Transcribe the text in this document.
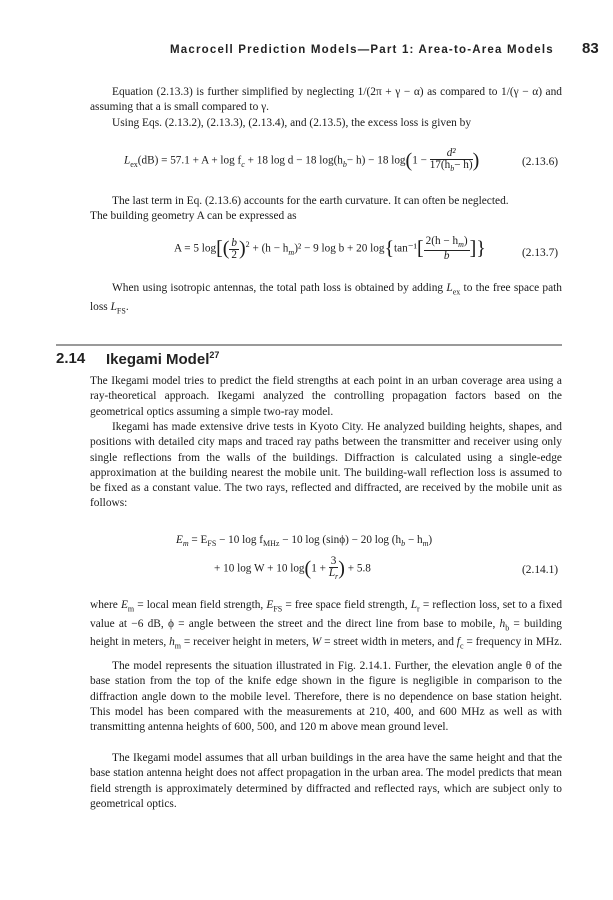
Macrocell Prediction Models—Part 1: Area-to-Area Models 83

Equation (2.13.3) is further simplified by neglecting 1/(2π + γ − α) as compared to 1/(γ − α) and assuming that a is small compared to γ.

Using Eqs. (2.13.2), (2.13.3), (2.13.4), and (2.13.5), the excess loss is given by

$L_{ex}(dB) = 57.1 + A + \log f_c + 18$ log d − 18 $\log(h_b- h) - 18$ $\log(1 - \frac{\text{d²}}{17(h_b- h)}$ )	(2.13.6)

The last term in Eq. (2.13.6) accounts for the earth curvature. It can often be neglected.

The building geometry A can be expressed as

A = 5 $\log[( \frac{b}{2} )^2 + (h - h_m)^2 - 9$ log b + 20 $\log\{\tan^{-1}[ \frac{2(h - h_m)}{b}$ ]}	(2.13.7)

When using isotropic antennas, the total path loss is obtained by adding $L_{ex}$ to the free space path loss $L_{FS}$.

2.14 Ikegami Model$^{27}$

The Ikegami model tries to predict the field strengths at each point in an urban coverage area using a ray-theoretical approach. Ikegami analyzed the controlling propagation factors based on the geometrical optics assuming a simple two-ray model.

Ikegami has made extensive drive tests in Kyoto City. He analyzed building heights, shapes, and positions with detailed city maps and traced ray paths between the transmitter and receiver using only single reflections from the walls of the buildings. Diffraction is calculated using a single-edge approximation at the building nearest the mobile unit. The building-wall reflection loss is assumed to be fixed as a constant value. The two rays, reflected and diffracted, are received by the mobile unit as follows:

$E_m = E_{FS} - 10$ $\log f_{MHz} - 10$ log (sinϕ) − 20 $\log (h_b - h_m)$
+ 10 log W + 10 $\log(1 + \frac{3}{L_r}$ ) + 5.8	(2.14.1)

where $E_m$ = local mean field strength, $E_{FS}$ = free space field strength, $L_r$ = reflection loss, set to a fixed value at −6 dB, ϕ = angle between the street and the direct line from base to mobile, $h_b$ = building height in meters, $h_m$ = receiver height in meters, W = street width in meters, and $f_c$ = frequency in MHz.

The model represents the situation illustrated in Fig. 2.14.1. Further, the elevation angle θ of the base station from the top of the knife edge shown in the figure is negligible in comparison to the diffraction angle down to the mobile level. Therefore, there is no dependence on base station height. This model has been compared with the measurements at 210, 400, and 600 MHz as well as with transmitting antenna heights of 600, 500, and 120 m above mean ground level.

The Ikegami model assumes that all urban buildings in the area have the same height and that the base station antenna height does not affect propagation in the urban area. The model predicts that mean field strength is approximately determined by diffracted and reflected rays, which are subject only to geometrical optics.
